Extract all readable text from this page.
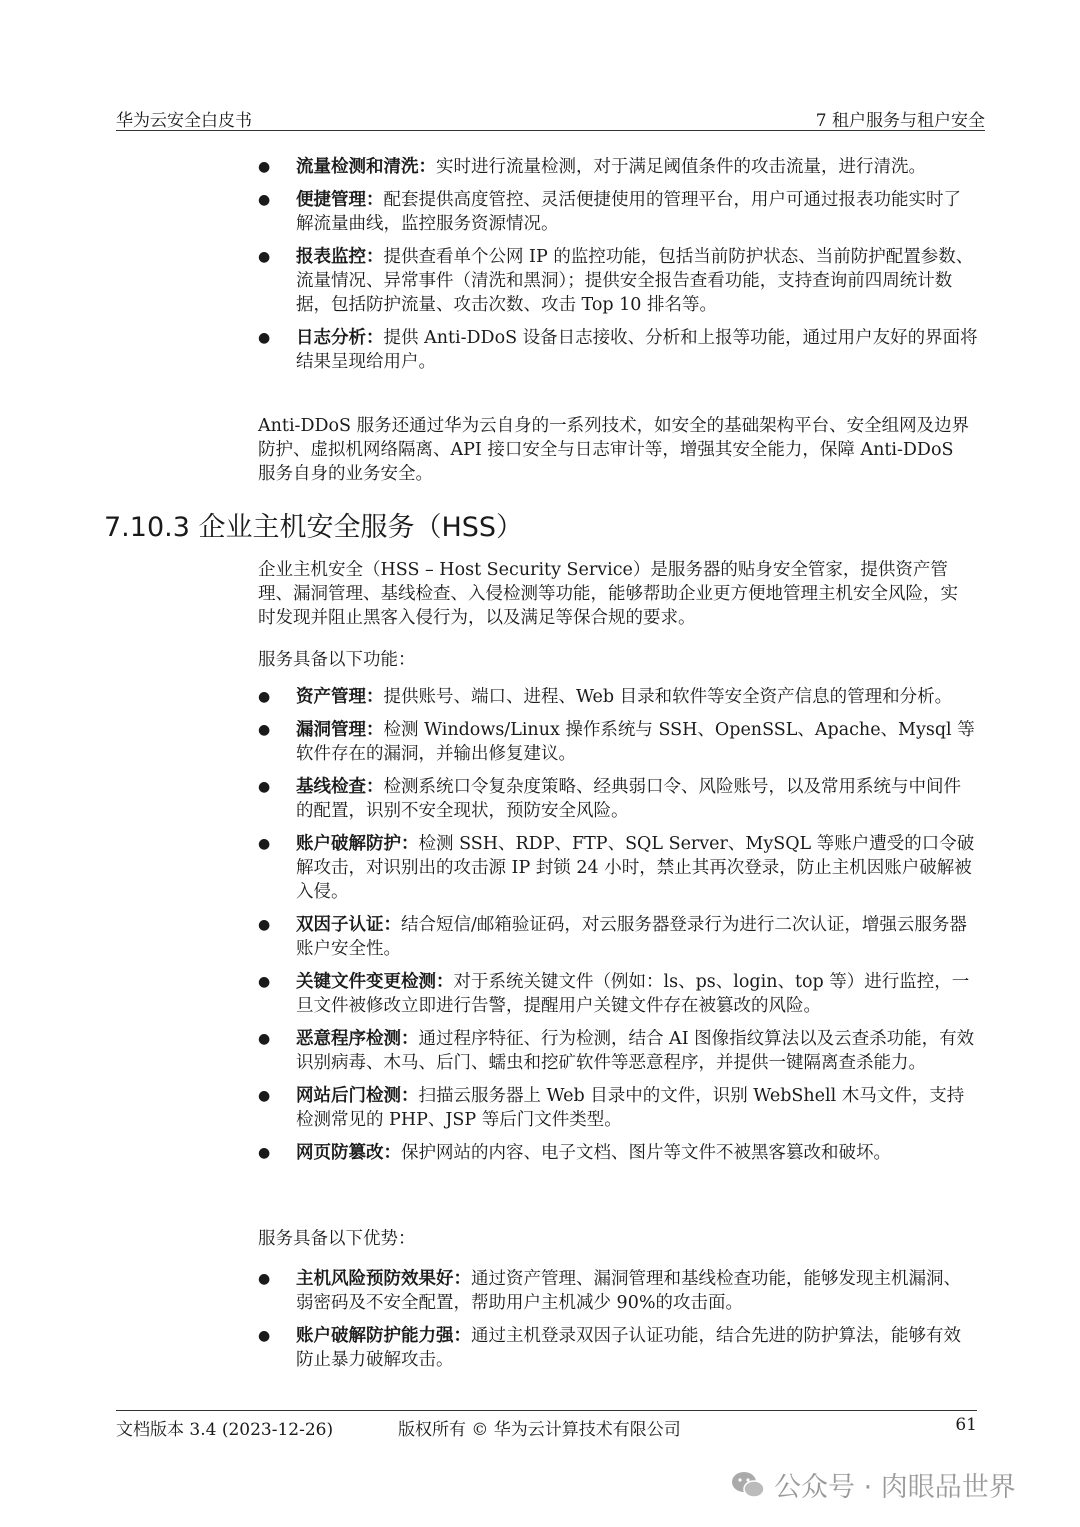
华为云安全白皮书	7 租户服务与租户安全
● 流量检测和清洗：实时进行流量检测，对于满足阈值条件的攻击流量，进行清洗。
● 便捷管理：配套提供高度管控、灵活便捷使用的管理平台，用户可通过报表功能实时了解流量曲线，监控服务资源情况。
● 报表监控：提供查看单个公网 IP 的监控功能，包括当前防护状态、当前防护配置参数、流量情况、异常事件（清洗和黑洞）；提供安全报告查看功能，支持查询前四周统计数据，包括防护流量、攻击次数、攻击 Top 10 排名等。
● 日志分析：提供 Anti-DDoS 设备日志接收、分析和上报等功能，通过用户友好的界面将结果呈现给用户。

Anti-DDoS 服务还通过华为云自身的一系列技术，如安全的基础架构平台、安全组网及边界防护、虚拟机网络隔离、API 接口安全与日志审计等，增强其安全能力，保障 Anti-DDoS 服务自身的业务安全。

7.10.3 企业主机安全服务（HSS）

企业主机安全（HSS – Host Security Service）是服务器的贴身安全管家，提供资产管理、漏洞管理、基线检查、入侵检测等功能，能够帮助企业更方便地管理主机安全风险，实时发现并阻止黑客入侵行为，以及满足等保合规的要求。

服务具备以下功能：

● 资产管理：提供账号、端口、进程、Web 目录和软件等安全资产信息的管理和分析。
● 漏洞管理：检测 Windows/Linux 操作系统与 SSH、OpenSSL、Apache、Mysql 等软件存在的漏洞，并输出修复建议。
● 基线检查：检测系统口令复杂度策略、经典弱口令、风险账号，以及常用系统与中间件的配置，识别不安全现状，预防安全风险。
● 账户破解防护：检测 SSH、RDP、FTP、SQL Server、MySQL 等账户遭受的口令破解攻击，对识别出的攻击源 IP 封锁 24 小时，禁止其再次登录，防止主机因账户破解被入侵。
● 双因子认证：结合短信/邮箱验证码，对云服务器登录行为进行二次认证，增强云服务器账户安全性。
● 关键文件变更检测：对于系统关键文件（例如：ls、ps、login、top 等）进行监控，一旦文件被修改立即进行告警，提醒用户关键文件存在被篡改的风险。
● 恶意程序检测：通过程序特征、行为检测，结合 AI 图像指纹算法以及云查杀功能，有效识别病毒、木马、后门、蠕虫和挖矿软件等恶意程序，并提供一键隔离查杀能力。
● 网站后门检测：扫描云服务器上 Web 目录中的文件，识别 WebShell 木马文件，支持检测常见的 PHP、JSP 等后门文件类型。
● 网页防篡改：保护网站的内容、电子文档、图片等文件不被黑客篡改和破坏。

服务具备以下优势：

● 主机风险预防效果好：通过资产管理、漏洞管理和基线检查功能，能够发现主机漏洞、弱密码及不安全配置，帮助用户主机减少 90%的攻击面。
● 账户破解防护能力强：通过主机登录双因子认证功能，结合先进的防护算法，能够有效防止暴力破解攻击。
文档版本 3.4 (2023-12-26)	版权所有 © 华为云计算技术有限公司	61
公众号 · 肉眼品世界
